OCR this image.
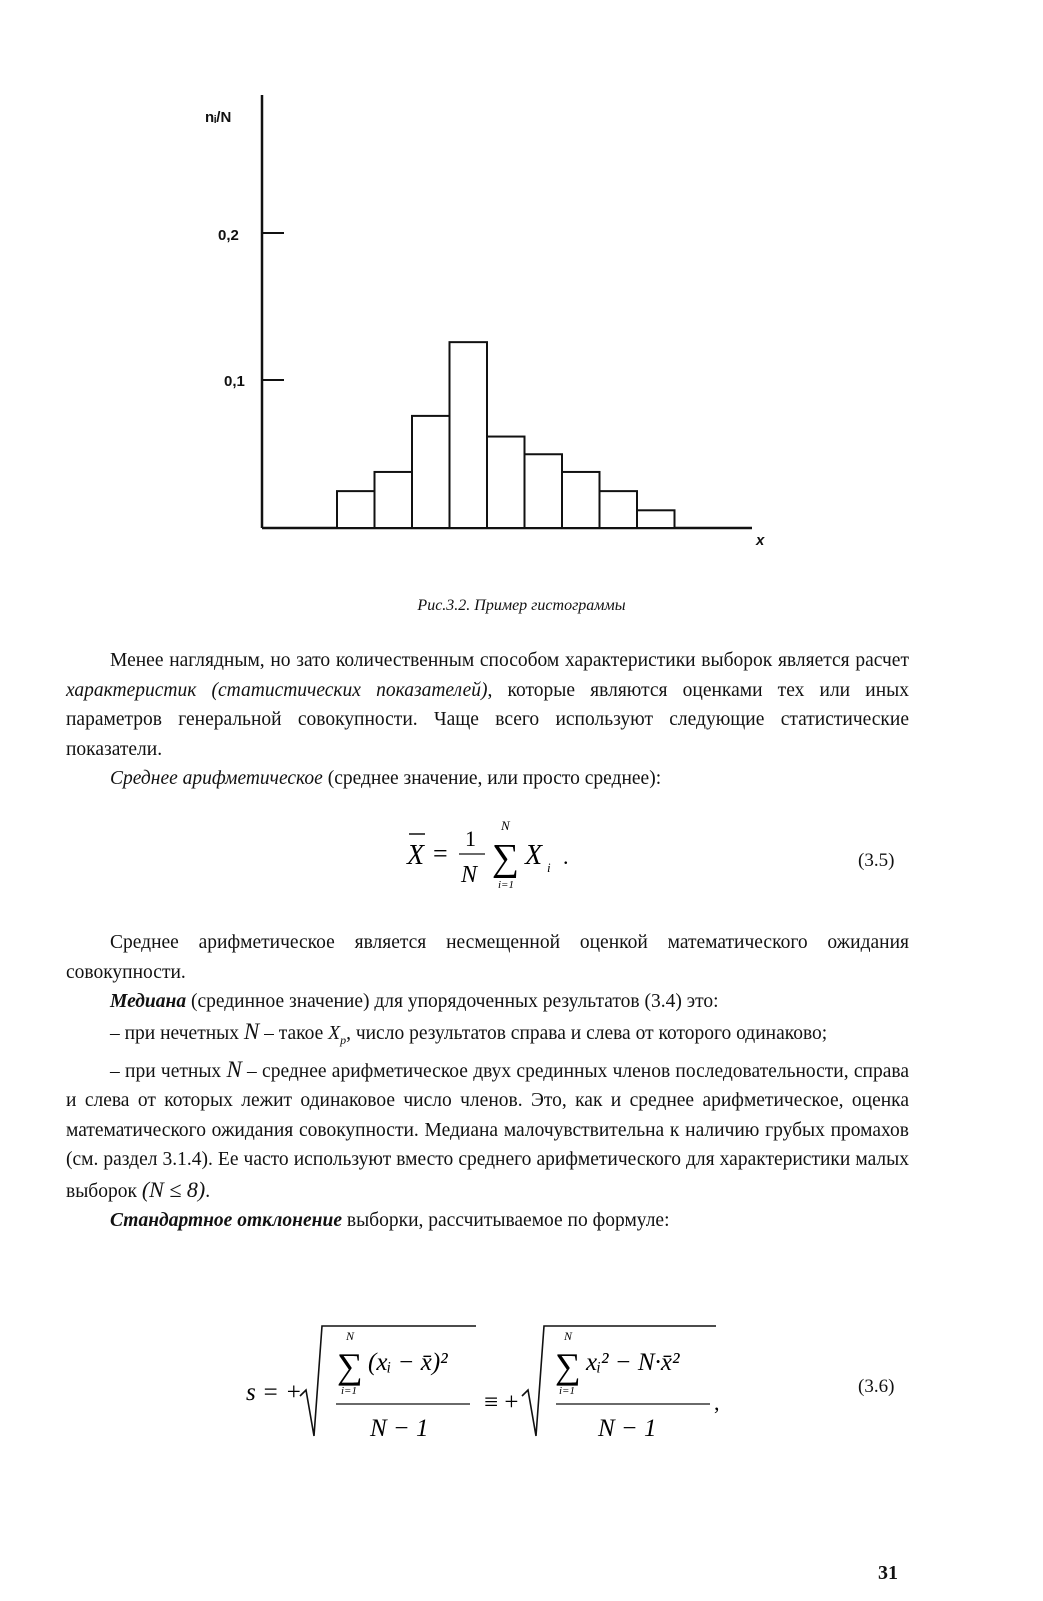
nᵢ/N
0,2
0,1
x
Рис.3.2. Пример гистограммы

Менее наглядным, но зато количественным способом характеристики выборок является расчет характеристик (статистических показателей), которые являются оценками тех или иных параметров генеральной совокупности. Чаще всего используют следующие статистические показатели.

Среднее арифметическое (среднее значение, или просто среднее):

X =
1
N
N
∑
i=1
X i .	(3.5)

Среднее арифметическое является несмещенной оценкой математического ожидания совокупности.

Медиана (срединное значение) для упорядоченных результатов (3.4) это:

– при нечетных N – такое $X_p$, число результатов справа и слева от которого одинаково;

– при четных N – среднее арифметическое двух срединных членов последовательности, справа и слева от которых лежит одинаковое число членов. Это, как и среднее арифметическое, оценка математического ожидания совокупности. Медиана малочувствительна к наличию грубых промахов (см. раздел 3.1.4). Ее часто используют вместо среднего арифметического для характеристики малых выборок (N ≤ 8).

Стандартное отклонение выборки, рассчитываемое по формуле:

s = +
N
∑
i=1
(xᵢ − x̄)²
N − 1
≡ +
N
∑
i=1
xᵢ² − N·x̄²
N − 1
,
(3.6)
31
